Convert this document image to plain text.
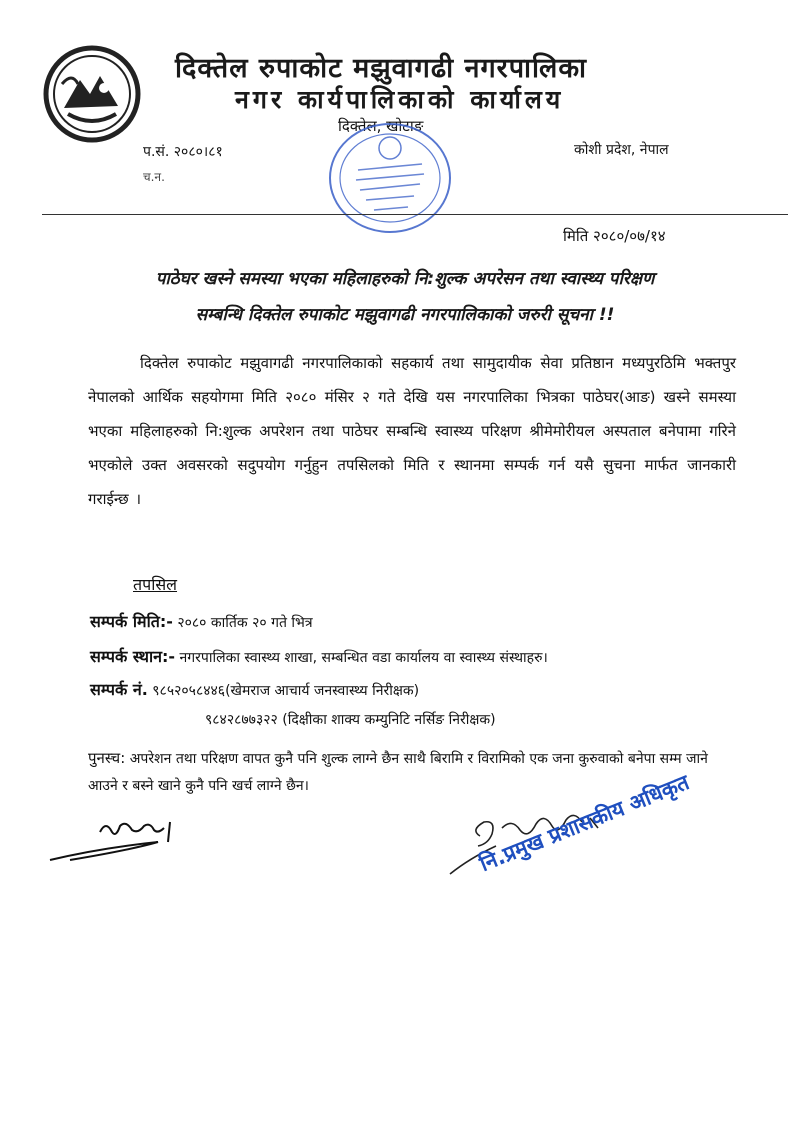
दिक्तेल रुपाकोट मझुवागढी नगरपालिका
नगर कार्यपालिकाको कार्यालय
दिक्तेल, खोटाङ
प.सं. २०८०।८१
च.न.
कोशी प्रदेश, नेपाल
मिति २०८०/०७/१४
पाठेघर खस्ने समस्या भएका महिलाहरुको नि:शुल्क अपरेसन तथा स्वास्थ्य परिक्षण
सम्बन्धि दिक्तेल रुपाकोट मझुवागढी नगरपालिकाको जरुरी सूचना !!
दिक्तेल रुपाकोट मझुवागढी नगरपालिकाको सहकार्य तथा सामुदायीक सेवा प्रतिष्ठान मध्यपुरठिमि भक्तपुर नेपालको आर्थिक सहयोगमा मिति २०८० मंसिर २ गते देखि यस नगरपालिका भित्रका पाठेघर(आङ) खस्ने समस्या भएका महिलाहरुको नि:शुल्क अपरेशन तथा पाठेघर सम्बन्धि स्वास्थ्य परिक्षण श्रीमेमोरीयल अस्पताल बनेपामा गरिने भएकोले उक्त अवसरको सदुपयोग गर्नुहुन तपसिलको मिति र स्थानमा सम्पर्क गर्न यसै सुचना मार्फत जानकारी गराईन्छ ।
तपसिल
सम्पर्क मिति:- २०८० कार्तिक २० गते भित्र
सम्पर्क स्थान:- नगरपालिका स्वास्थ्य शाखा, सम्बन्धित वडा कार्यालय वा स्वास्थ्य संस्थाहरु।
सम्पर्क नं. ९८५२०५८४४६(खेमराज आचार्य जनस्वास्थ्य निरीक्षक)
९८४२८७७३२२ (दिक्षीका शाक्य कम्युनिटि नर्सिङ निरीक्षक)
पुनस्च: अपरेशन तथा परिक्षण वापत कुनै पनि शुल्क लाग्ने छैन साथै बिरामि र विरामिको एक जना कुरुवाको बनेपा सम्म जाने आउने र बस्ने खाने कुनै पनि खर्च लाग्ने छैन।	नि.प्रमुख प्रशासकीय अधिकृत
